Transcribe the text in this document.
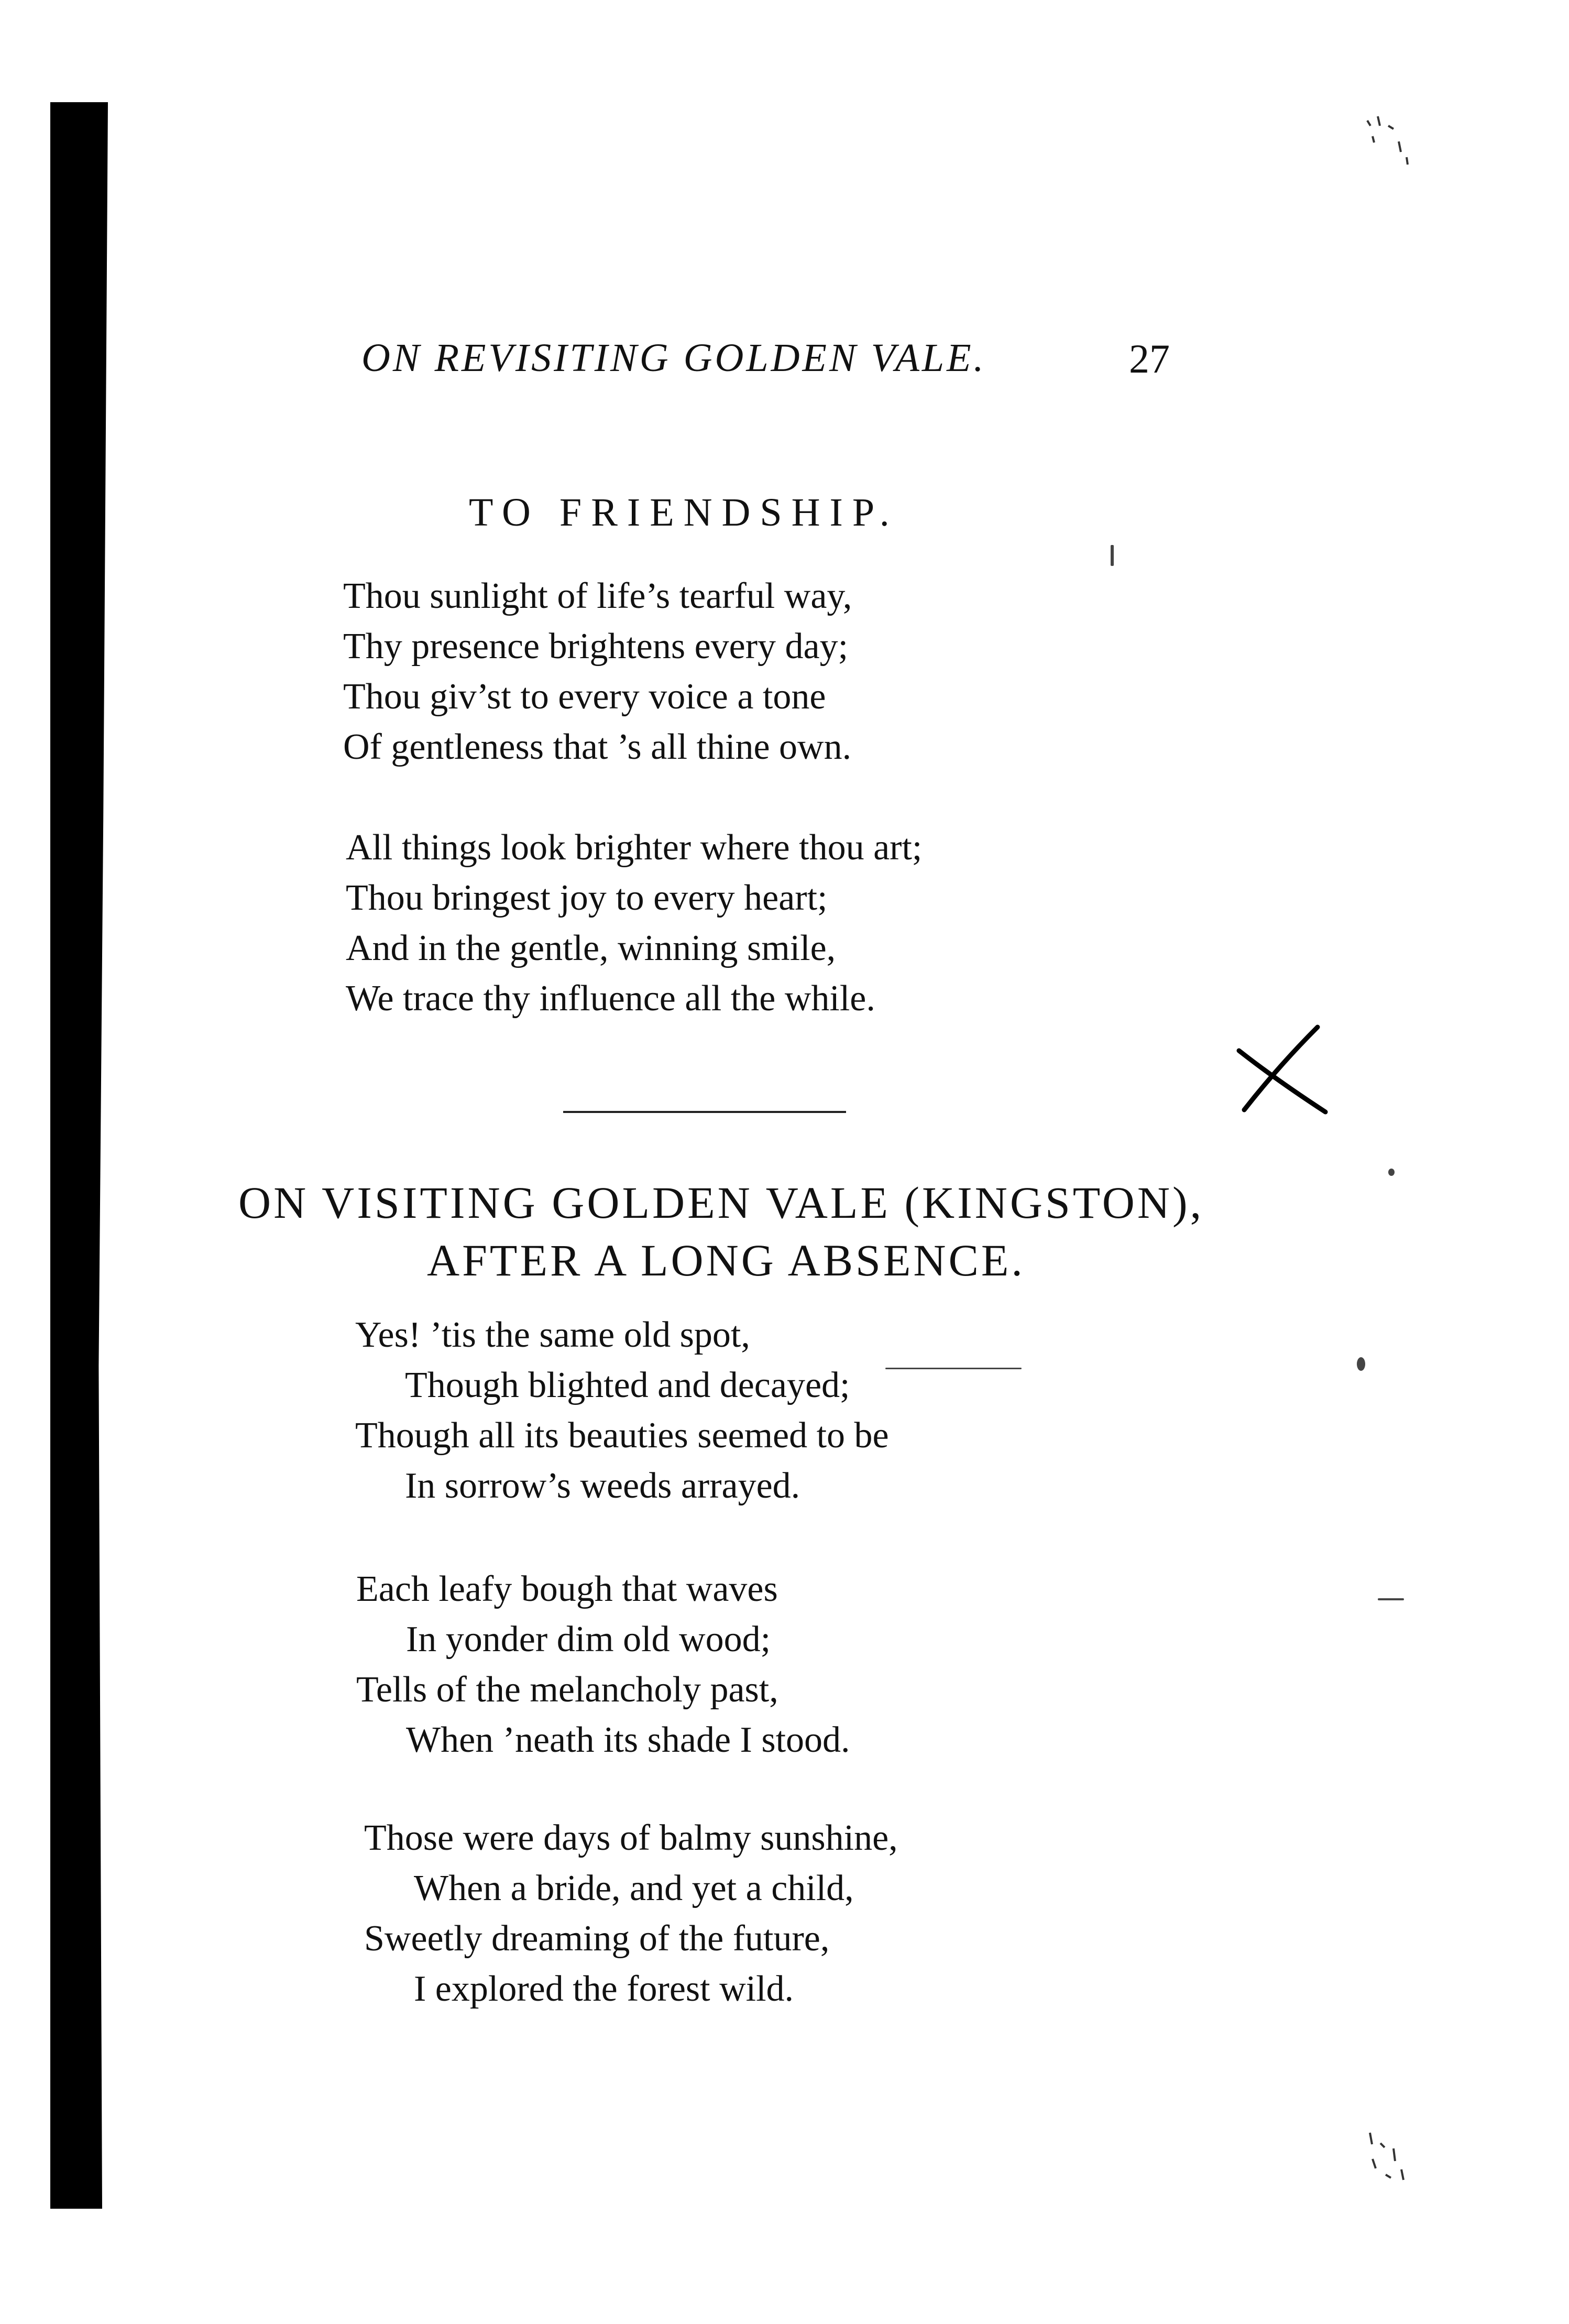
ON REVISITING GOLDEN VALE.	27
TO FRIENDSHIP.
Thou sunlight of life’s tearful way,
Thy presence brightens every day;
Thou giv’st to every voice a tone
Of gentleness that ’s all thine own.
All things look brighter where thou art;
Thou bringest joy to every heart;
And in the gentle, winning smile,
We trace thy influence all the while.
ON VISITING GOLDEN VALE (KINGSTON),
AFTER A LONG ABSENCE.
Yes! ’tis the same old spot,
Though blighted and decayed;
Though all its beauties seemed to be
In sorrow’s weeds arrayed.
Each leafy bough that waves
In yonder dim old wood;
Tells of the melancholy past,
When ’neath its shade I stood.
Those were days of balmy sunshine,
When a bride, and yet a child,
Sweetly dreaming of the future,
I explored the forest wild.
